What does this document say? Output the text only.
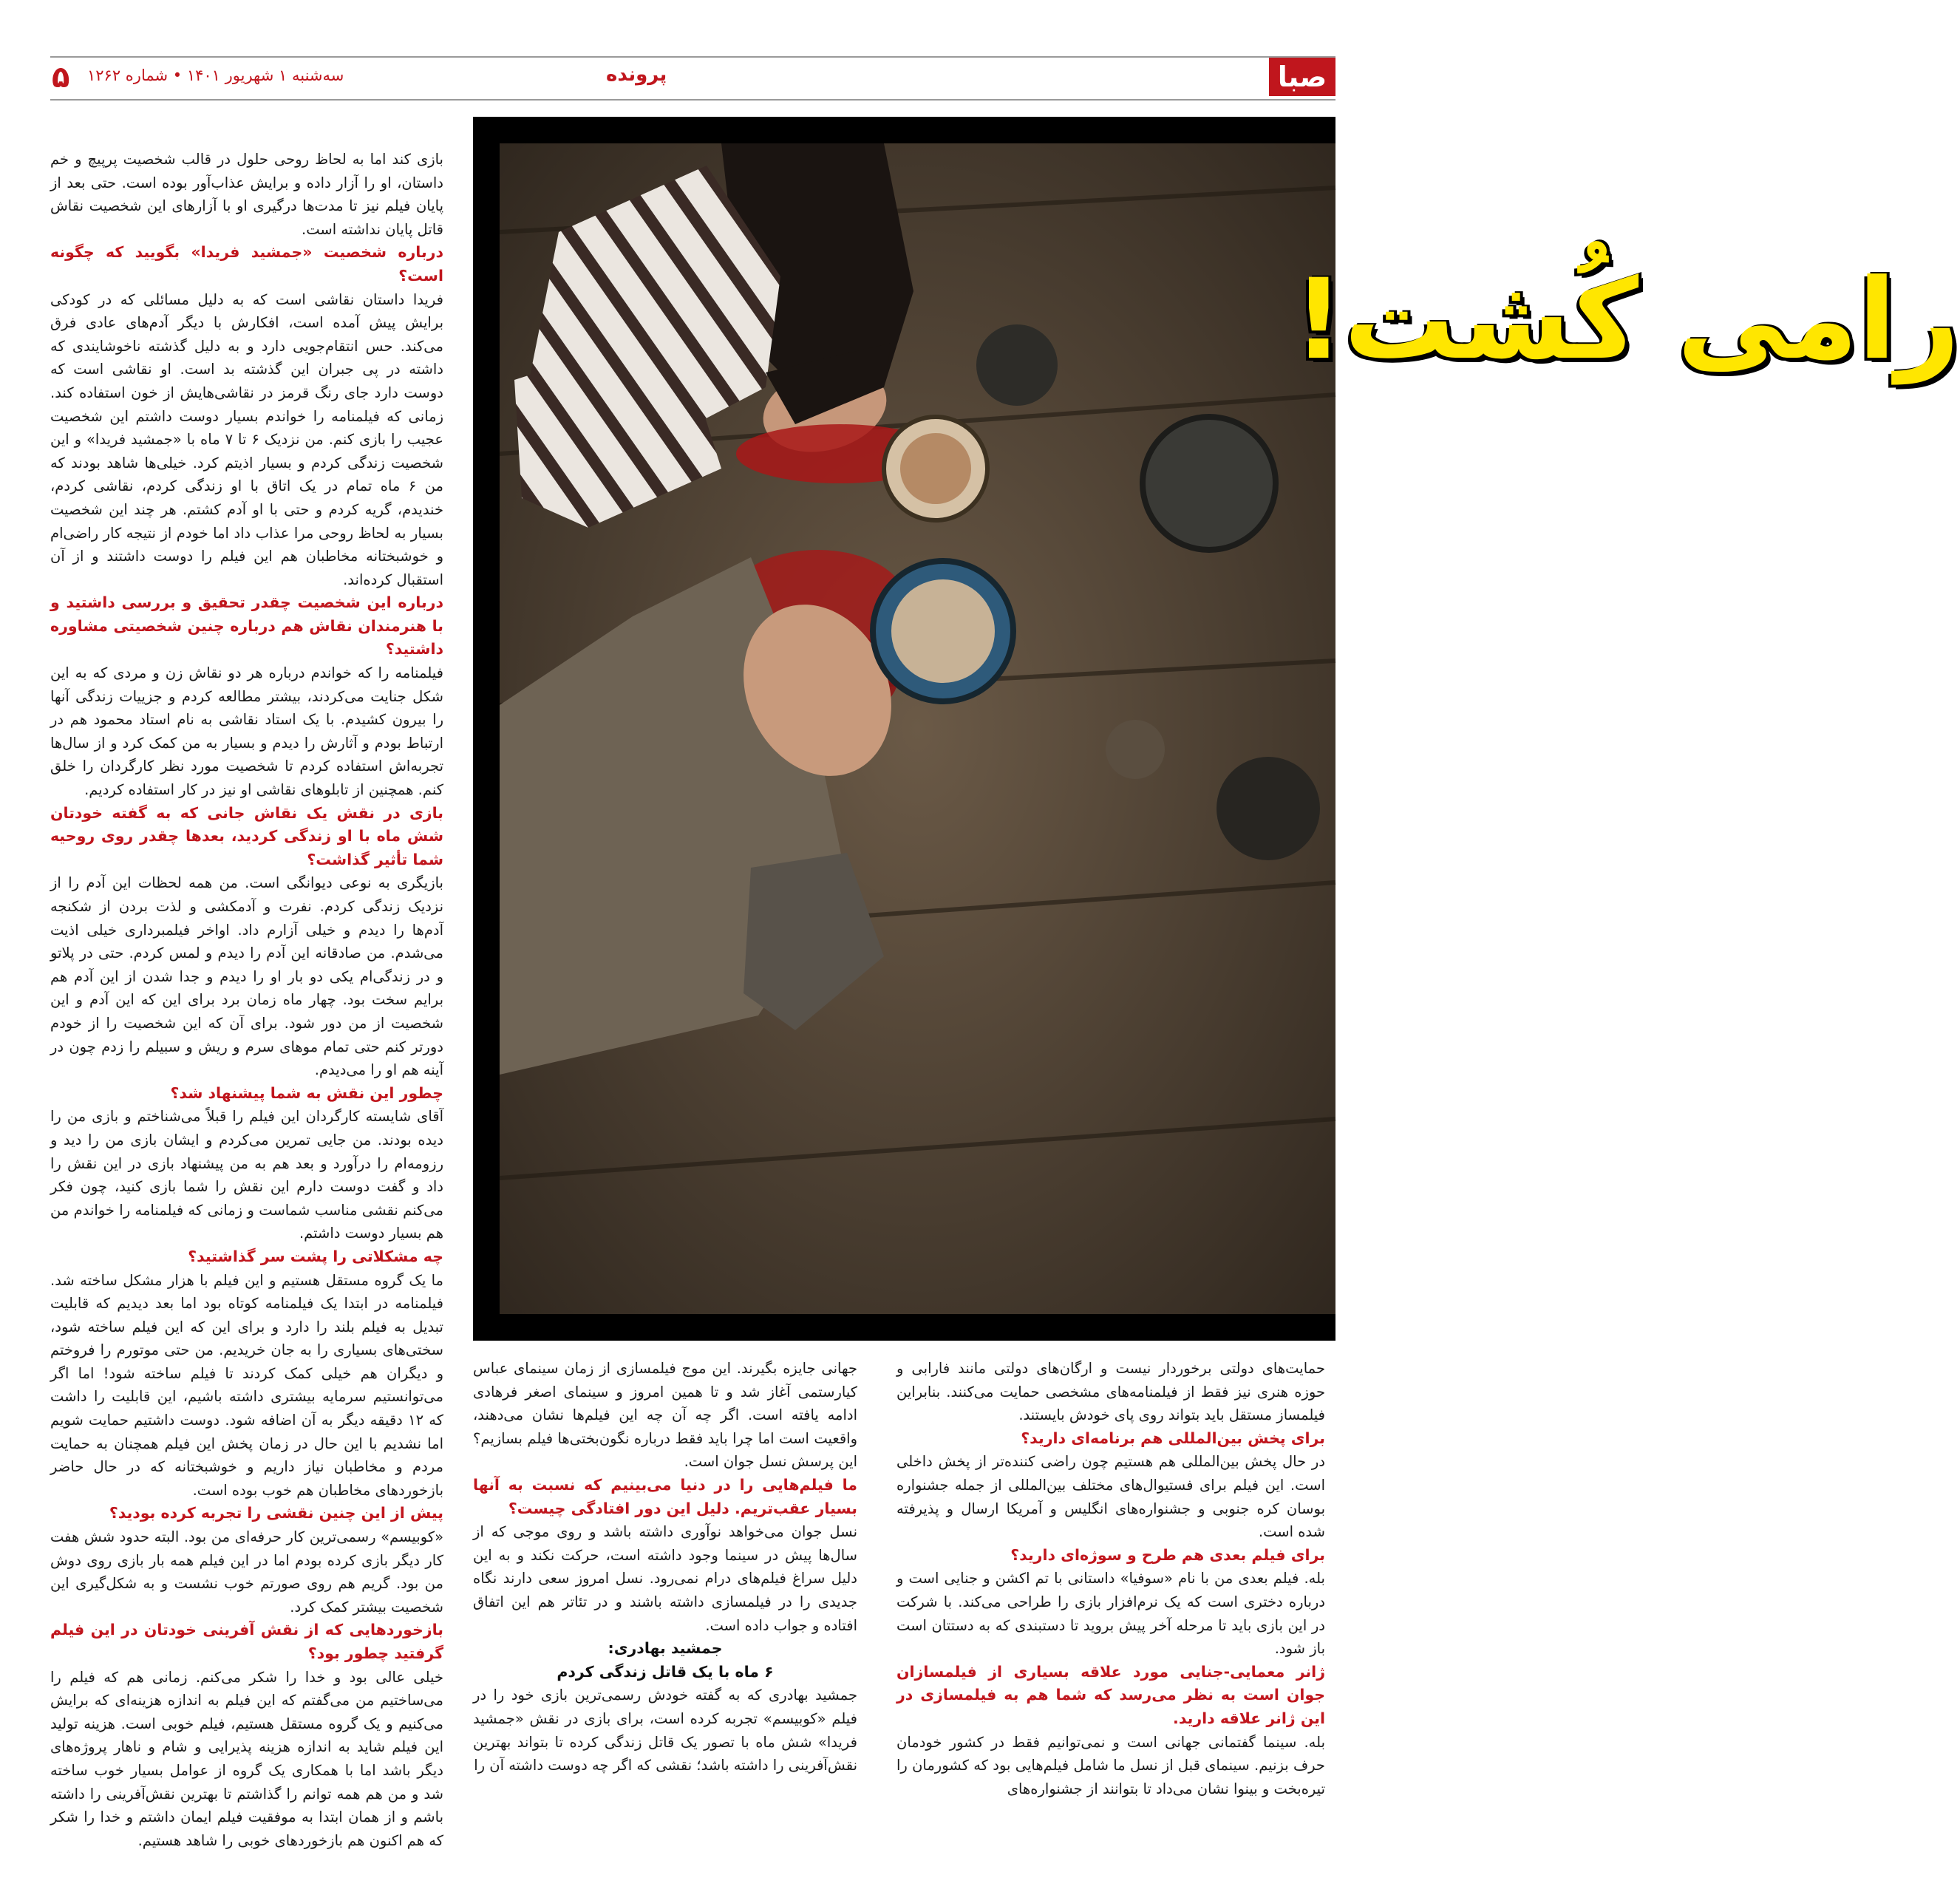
۵ سه‌شنبه ۱ شهریور ۱۴۰۱ • شماره ۱۲۶۲	پرونده	صبا
رامی کُشت!

بازی کند اما به لحاظ روحی حلول در قالب شخصیت پرپیچ و خم داستان، او را آزار داده و برایش عذاب‌آور بوده است. حتی بعد از پایان فیلم نیز تا مدت‌ها درگیری او با آزارهای این شخصیت نقاش قاتل پایان نداشته است.

درباره شخصیت «جمشید فریدا» بگویید که چگونه است؟

فریدا داستان نقاشی است که به دلیل مسائلی که در کودکی برایش پیش آمده است، افکارش با دیگر آدم‌های عادی فرق می‌کند. حس انتقام‌جویی دارد و به دلیل گذشته ناخوشایندی که داشته در پی جبران این گذشته بد است. او نقاشی است که دوست دارد جای رنگ قرمز در نقاشی‌هایش از خون استفاده کند. زمانی که فیلمنامه را خواندم بسیار دوست داشتم این شخصیت عجیب را بازی کنم. من نزدیک ۶ تا ۷ ماه با «جمشید فریدا» و این شخصیت زندگی کردم و بسیار اذیتم کرد. خیلی‌ها شاهد بودند که من ۶ ماه تمام در یک اتاق با او زندگی کردم، نقاشی کردم، خندیدم، گریه کردم و حتی با او آدم کشتم. هر چند این شخصیت بسیار به لحاظ روحی مرا عذاب داد اما خودم از نتیجه کار راضی‌ام و خوشبختانه مخاطبان هم این فیلم را دوست داشتند و از آن استقبال کرده‌اند.

درباره این شخصیت چقدر تحقیق و بررسی داشتید و با هنرمندان نقاش هم درباره چنین شخصیتی مشاوره داشتید؟

فیلمنامه را که خواندم درباره هر دو نقاش زن و مردی که به این شکل جنایت می‌کردند، بیشتر مطالعه کردم و جزییات زندگی آنها را بیرون کشیدم. با یک استاد نقاشی به نام استاد محمود هم در ارتباط بودم و آثارش را دیدم و بسیار به من کمک کرد و از سال‌ها تجربه‌اش استفاده کردم تا شخصیت مورد نظر کارگردان را خلق کنم. همچنین از تابلوهای نقاشی او نیز در کار استفاده کردیم.

بازی در نقش یک نقاش جانی که به گفته خودتان شش ماه با او زندگی کردید، بعدها چقدر روی روحیه شما تأثیر گذاشت؟

بازیگری به نوعی دیوانگی است. من همه لحظات این آدم را از نزدیک زندگی کردم. نفرت و آدمکشی و لذت بردن از شکنجه آدم‌ها را دیدم و خیلی آزارم داد. اواخر فیلمبرداری خیلی اذیت می‌شدم. من صادقانه این آدم را دیدم و لمس کردم. حتی در پلاتو و در زندگی‌ام یکی دو بار او را دیدم و جدا شدن از این آدم هم برایم سخت بود. چهار ماه زمان برد برای این که این آدم و این شخصیت از من دور شود. برای آن که این شخصیت را از خودم دور‌تر کنم حتی تمام موهای سرم و ریش و سبیلم را زدم چون در آینه هم او را می‌دیدم.

چطور این نقش به شما پیشنهاد شد؟

آقای شایسته کارگردان این فیلم را قبلاً می‌شناختم و بازی من را دیده بودند. من جایی تمرین می‌کردم و ایشان بازی من را دید و رزومه‌ام را درآورد و بعد هم به من پیشنهاد بازی در این نقش را داد و گفت دوست دارم این نقش را شما بازی کنید، چون فکر می‌کنم نقشی مناسب شماست و زمانی که فیلمنامه را خواندم من هم بسیار دوست داشتم.

چه مشکلاتی را پشت سر گذاشتید؟

ما یک گروه مستقل هستیم و این فیلم با هزار مشکل ساخته شد. فیلمنامه در ابتدا یک فیلمنامه کوتاه بود اما بعد دیدیم که قابلیت تبدیل به فیلم بلند را دارد و برای این که این فیلم ساخته شود، سختی‌های بسیاری را به جان خریدیم. من حتی موتورم را فروختم و دیگران هم خیلی کمک کردند تا فیلم ساخته شود! اما اگر می‌توانستیم سرمایه بیشتری داشته باشیم، این قابلیت را داشت که ۱۲ دقیقه دیگر به آن اضافه شود. دوست داشتیم حمایت شویم اما نشدیم با این حال در زمان پخش این فیلم همچنان به حمایت مردم و مخاطبان نیاز داریم و خوشبختانه که در حال حاضر بازخوردهای مخاطبان هم خوب بوده است.

پیش از این چنین نقشی را تجربه کرده بودید؟

«کوبیسم» رسمی‌ترین کار حرفه‌ای من بود. البته حدود شش هفت کار دیگر بازی کرده بودم اما در این فیلم همه بار بازی روی دوش من بود. گریم هم روی صورتم خوب نشست و به شکل‌گیری این شخصیت بیشتر کمک کرد.

بازخوردهایی که از نقش آفرینی خودتان در این فیلم گرفتید چطور بود؟

خیلی عالی بود و خدا را شکر می‌کنم. زمانی هم که فیلم را می‌ساختیم من می‌گفتم که این فیلم به اندازه هزینه‌ای که برایش می‌کنیم و یک گروه مستقل هستیم، فیلم خوبی است. هزینه تولید این فیلم شاید به اندازه هزینه پذیرایی و شام و ناهار پروژه‌های دیگر باشد اما با همکاری یک گروه از عوامل بسیار خوب ساخته شد و من هم همه توانم را گذاشتم تا بهترین نقش‌آفرینی را داشته باشم و از همان ابتدا به موفقیت فیلم ایمان داشتم و خدا را شکر که هم اکنون هم بازخوردهای خوبی را شاهد هستیم.

جهانی جایزه بگیرند. این موج فیلمسازی از زمان سینمای عباس کیارستمی آغاز شد و تا همین امروز و سینمای اصغر فرهادی ادامه یافته است. اگر چه آن چه این فیلم‌ها نشان می‌دهند، واقعیت است اما چرا باید فقط درباره نگون‌بختی‌ها فیلم بسازیم؟ این پرسش نسل جوان است.

ما فیلم‌هایی را در دنیا می‌بینیم که نسبت به آنها بسیار عقب‌تریم. دلیل این دور افتادگی چیست؟

نسل جوان می‌خواهد نوآوری داشته باشد و روی موجی که از سال‌ها پیش در سینما وجود داشته است، حرکت نکند و به این دلیل سراغ فیلم‌های درام نمی‌رود. نسل امروز سعی دارند نگاه جدیدی را در فیلمسازی داشته باشند و در تئاتر هم این اتفاق افتاده و جواب داده است.

جمشید بهادری:
۶ ماه با یک قاتل زندگی کردم

جمشید بهادری که به گفته خودش رسمی‌ترین بازی خود را در فیلم «کوبیسم» تجربه کرده است، برای بازی در نقش «جمشید فریدا» شش ماه با تصور یک قاتل زندگی کرده تا بتواند بهترین نقش‌آفرینی را داشته باشد؛ نقشی که اگر چه دوست داشته آن را

حمایت‌های دولتی برخوردار نیست و ارگان‌های دولتی مانند فارابی و حوزه هنری نیز فقط از فیلمنامه‌های مشخصی حمایت می‌کنند. بنابراین فیلمساز مستقل باید بتواند روی پای خودش بایستند.

برای پخش بین‌المللی هم برنامه‌ای دارید؟

در حال پخش بین‌المللی هم هستیم چون راضی کننده‌تر از پخش داخلی است. این فیلم برای فستیوال‌های مختلف بین‌المللی از جمله جشنواره بوسان کره جنوبی و جشنواره‌های انگلیس و آمریکا ارسال و پذیرفته شده است.

برای فیلم بعدی هم طرح و سوژه‌ای دارید؟

بله. فیلم بعدی من با نام «سوفیا» داستانی با تم اکشن و جنایی است و درباره دختری است که یک نرم‌افزار بازی را طراحی می‌کند. با شرکت در این بازی باید تا مرحله آخر پیش بروید تا دستبندی که به دستتان است باز شود.

ژانر معمایی-جنایی مورد علاقه بسیاری از فیلمسازان جوان است به نظر می‌رسد که شما هم به فیلمسازی در این ژانر علاقه دارید.

بله. سینما گفتمانی جهانی است و نمی‌توانیم فقط در کشور خودمان حرف بزنیم. سینمای قبل از نسل ما شامل فیلم‌هایی بود که کشورمان را تیره‌بخت و بینوا نشان می‌داد تا بتوانند از جشنواره‌های
